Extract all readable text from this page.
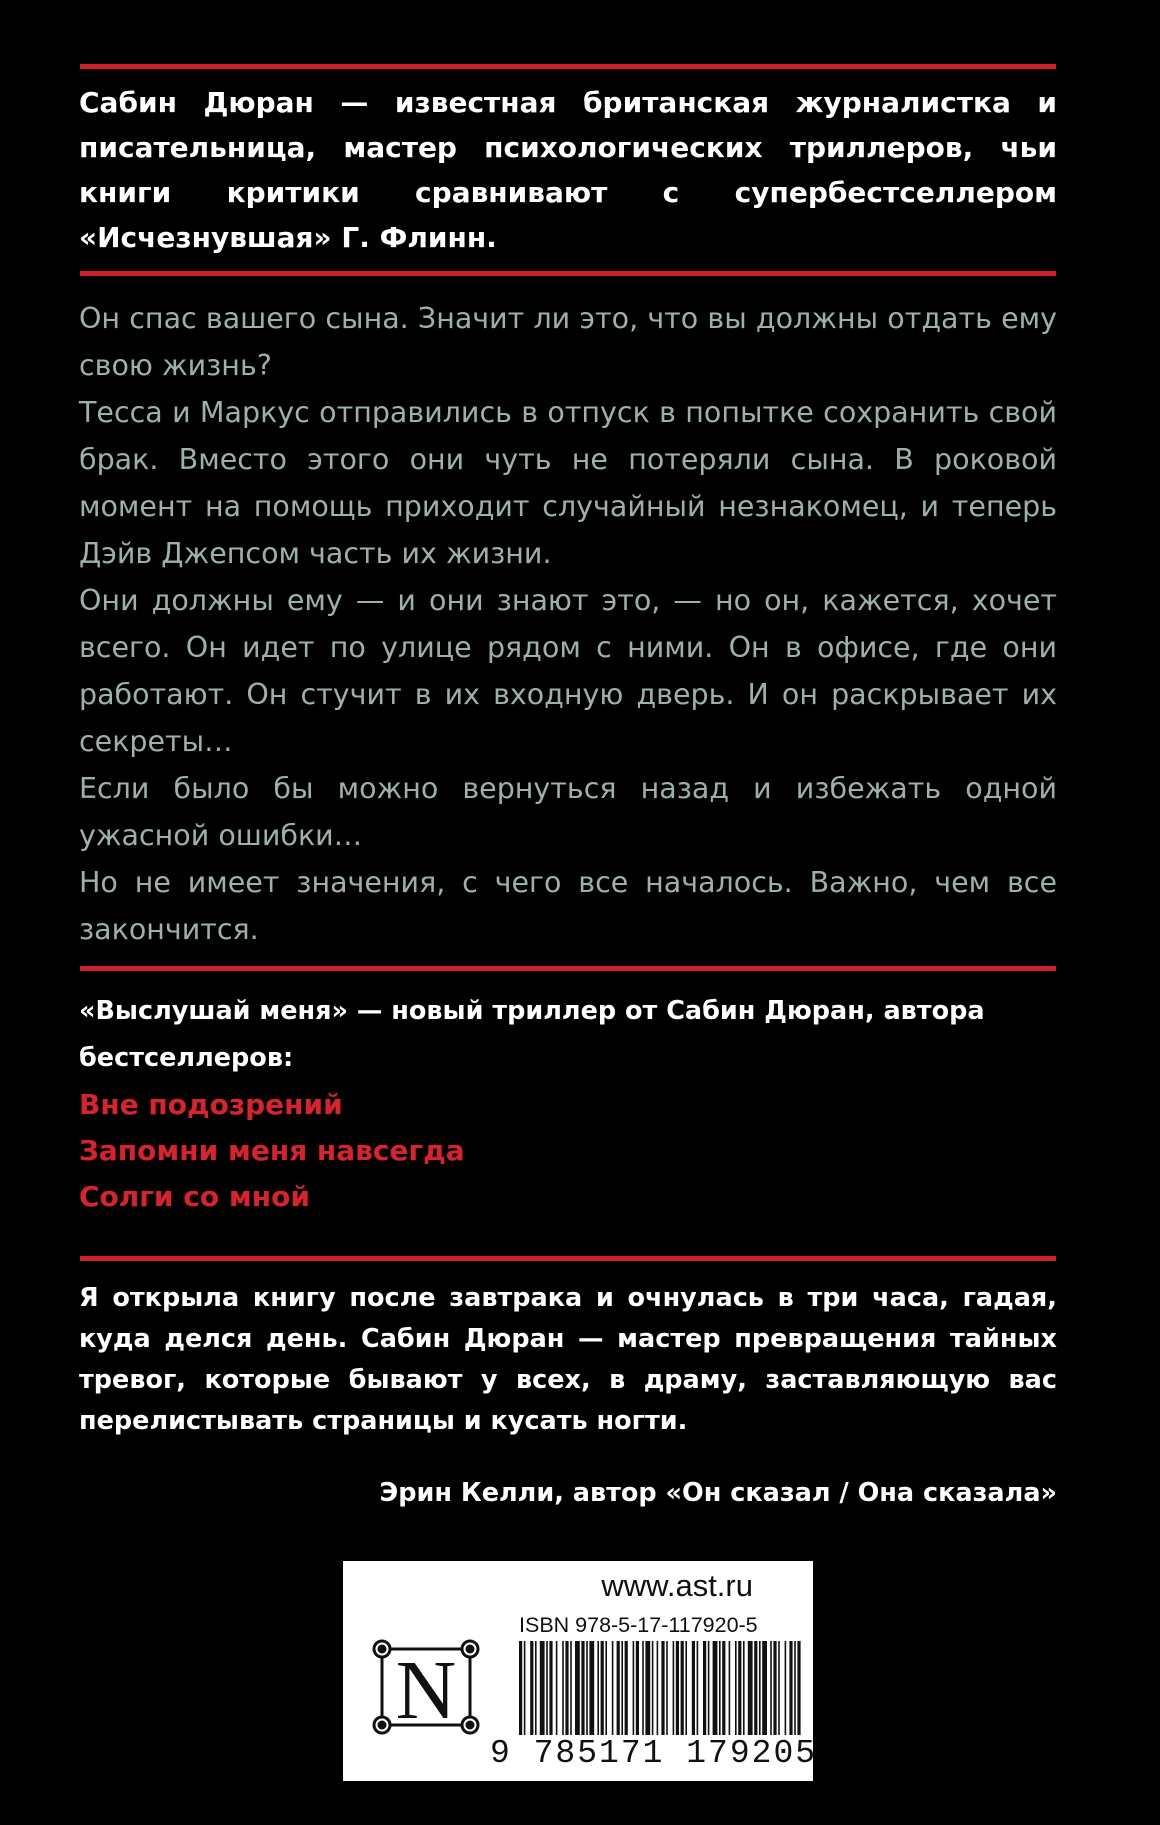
Сабин Дюран — известная британская журналистка и писательница, мастер психологических триллеров, чьи книги критики сравнивают с супербестселлером «Исчезнувшая» Г. Флинн.

Он спас вашего сына. Значит ли это, что вы должны отдать ему свою жизнь?

Тесса и Маркус отправились в отпуск в попытке сохранить свой брак. Вместо этого они чуть не потеряли сына. В роковой момент на помощь приходит случайный незнакомец, и теперь Дэйв Джепсом часть их жизни.

Они должны ему — и они знают это, — но он, кажется, хочет всего. Он идет по улице рядом с ними. Он в офисе, где они работают. Он стучит в их входную дверь. И он раскрывает их секреты…

Если было бы можно вернуться назад и избежать одной ужасной ошибки…

Но не имеет значения, с чего все началось. Важно, чем все закончится.

«Выслушай меня» — новый триллер от Сабин Дюран, автора бестселлеров:

Вне подозрений
Запомни меня навсегда
Солги со мной

Я открыла книгу после завтрака и очнулась в три часа, гадая, куда делся день. Сабин Дюран — мастер превращения тайных тревог, которые бывают у всех, в драму, заставляющую вас перелистывать страницы и кусать ногти.

Эрин Келли, автор «Он сказал / Она сказала»

www.ast.ru
ISBN 978-5-17-117920-5
N
9 785171 179205
